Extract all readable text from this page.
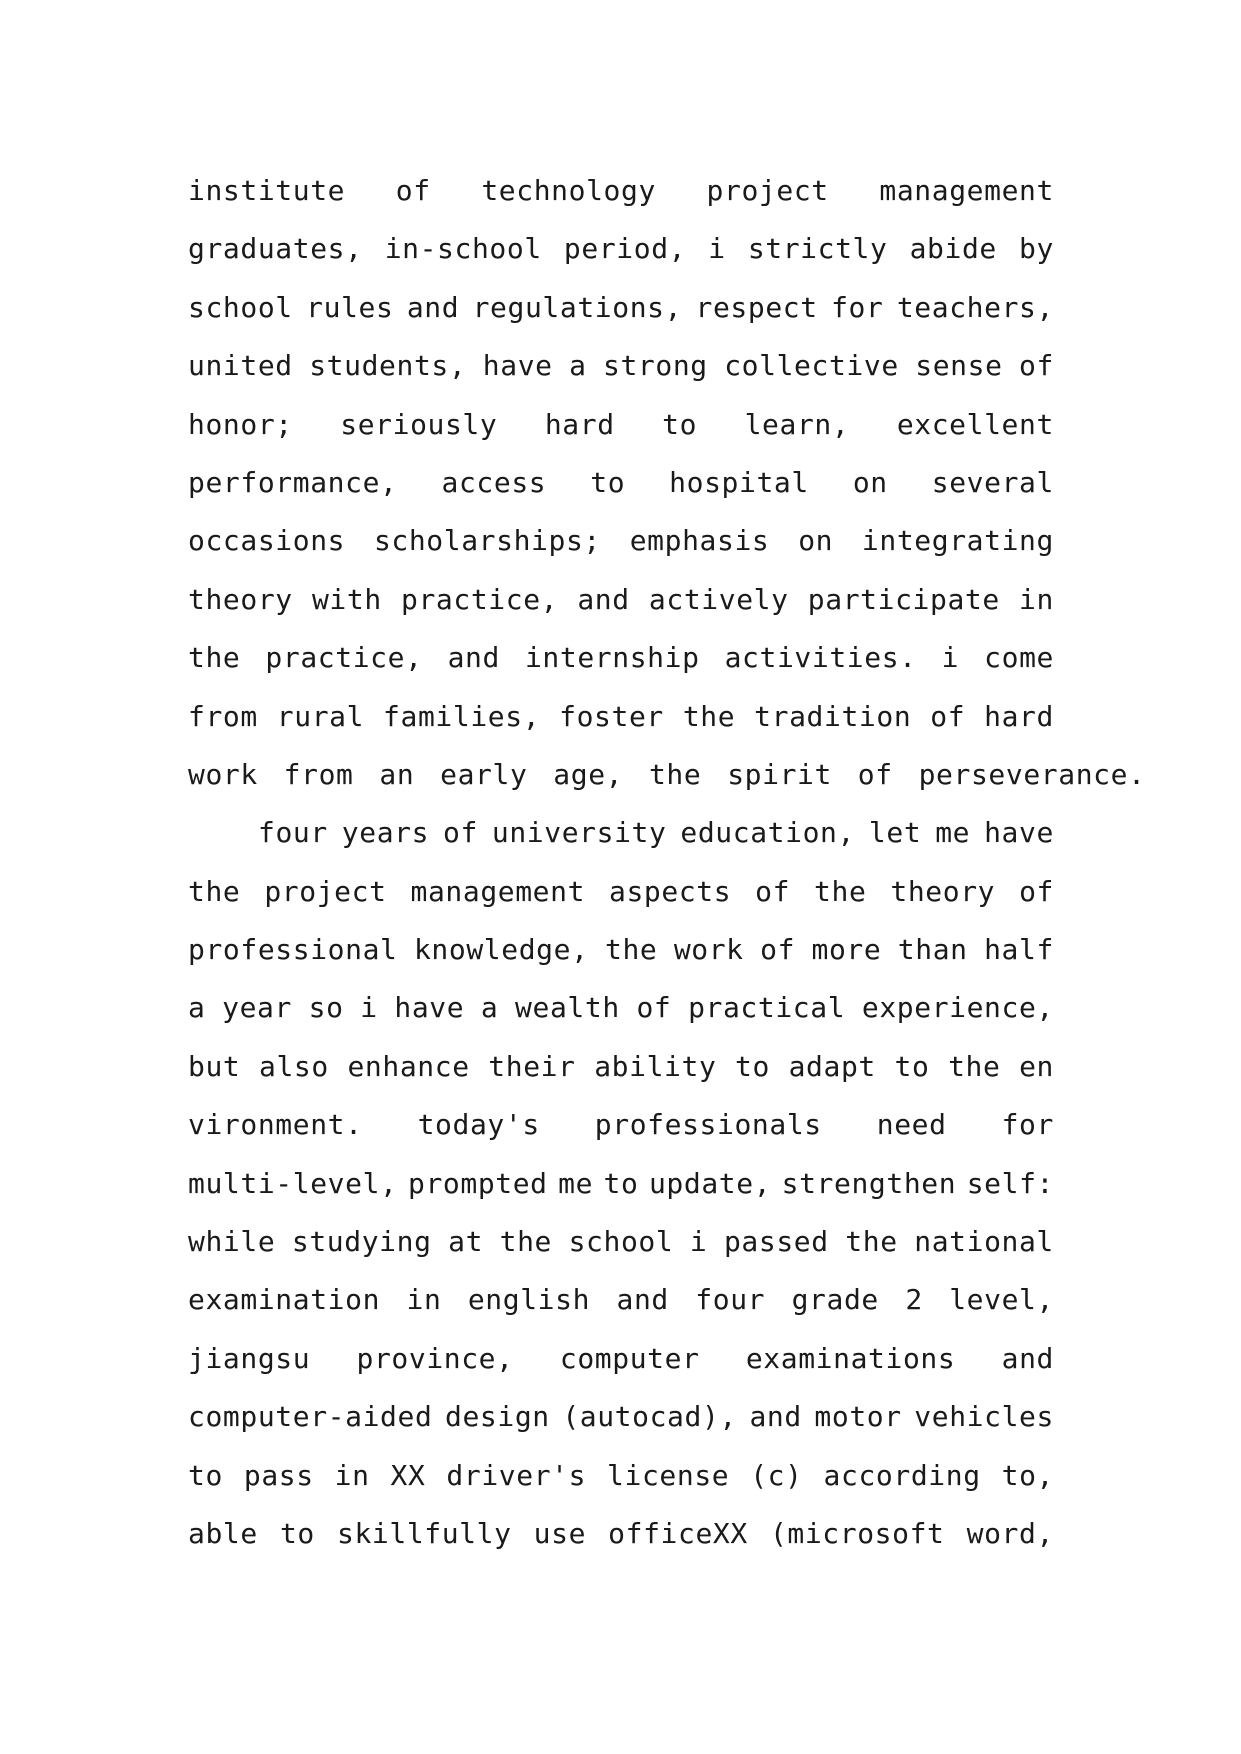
institute of technology project management
graduates, in-school period, i strictly abide by
school rules and regulations, respect for teachers,
united students, have a strong collective sense of
honor; seriously hard to learn, excellent
performance, access to hospital on several
occasions scholarships; emphasis on integrating
theory with practice, and actively participate in
the practice, and internship activities. i come
from rural families, foster the tradition of hard
work from an early age, the spirit of perseverance.
four years of university education, let me have
the project management aspects of the theory of
professional knowledge, the work of more than half
a year so i have a wealth of practical experience,
but also enhance their ability to adapt to the en
vironment. today's professionals need for
multi-level, prompted me to update, strengthen self:
while studying at the school i passed the national
examination in english and four grade 2 level,
jiangsu province, computer examinations and
computer-aided design (autocad), and motor vehicles
to pass in XX driver's license (c) according to,
able to skillfully use officeXX (microsoft word,
